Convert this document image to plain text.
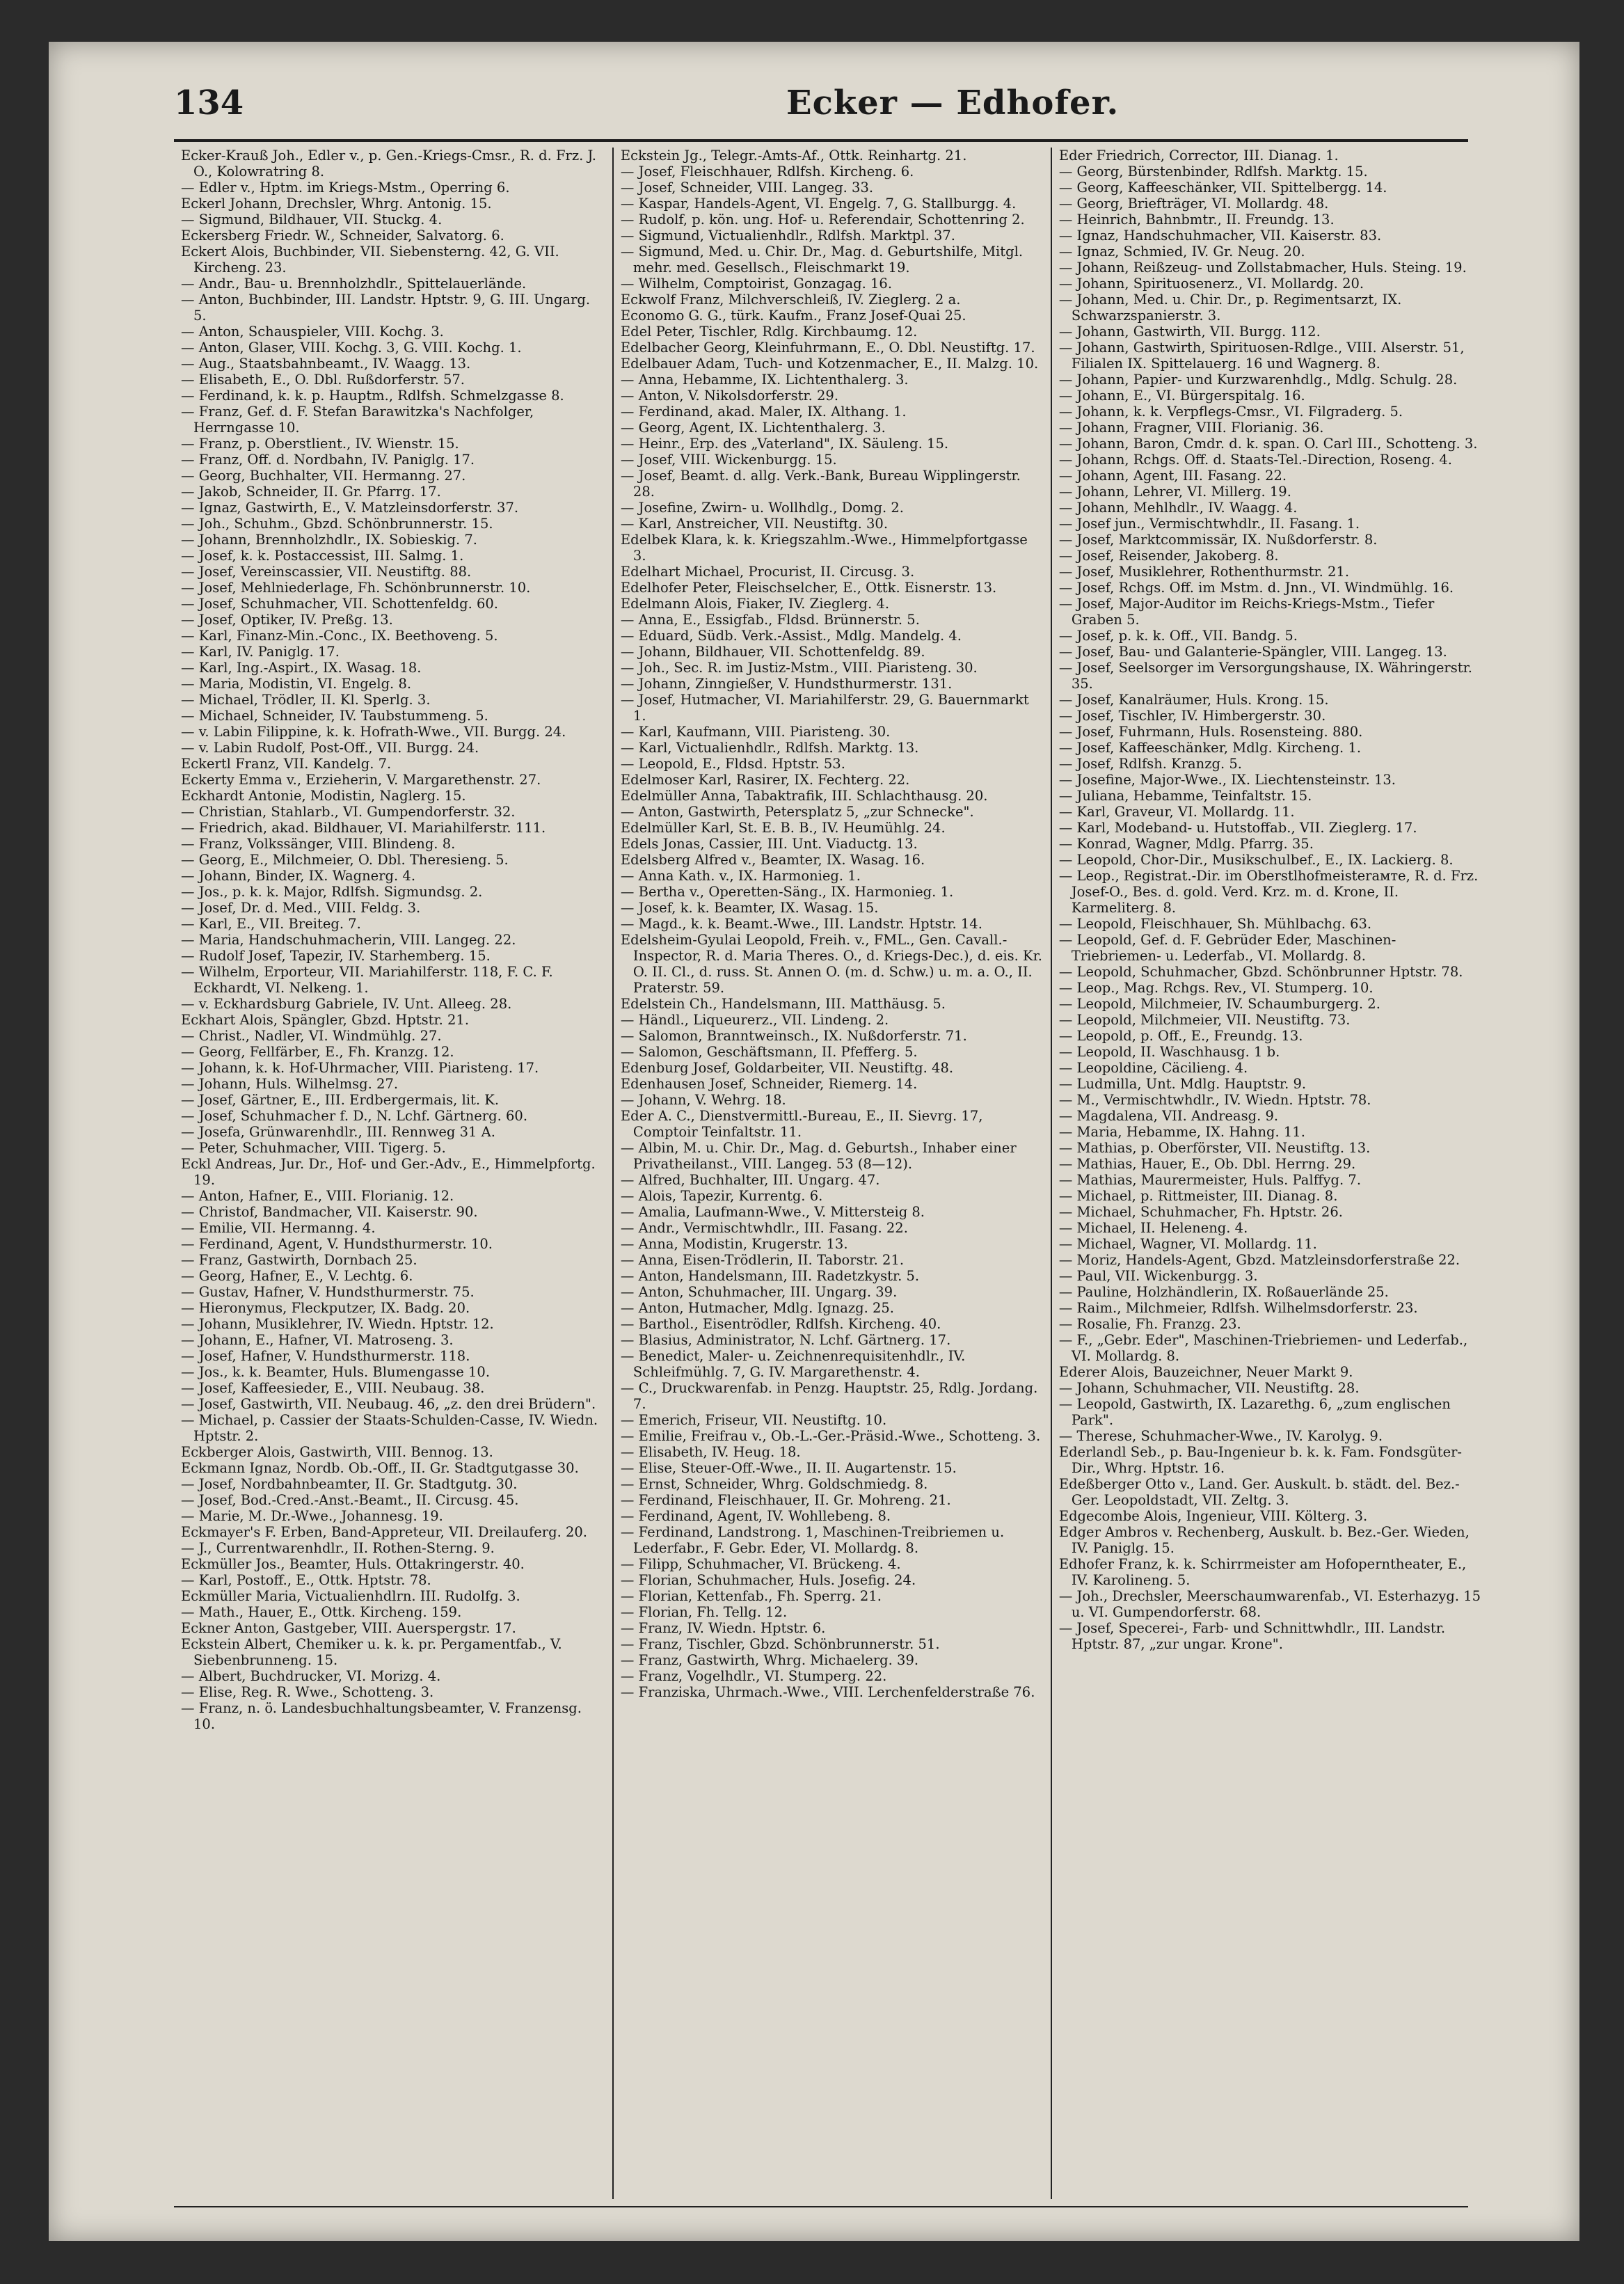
134	Ecker — Edhofer.

Ecker-Krauß Joh., Edler v., p. Gen.-Kriegs-Cmsr., R. d. Frz. J. O., Kolowratring 8.

— Edler v., Hptm. im Kriegs-Mstm., Operring 6.

Eckerl Johann, Drechsler, Whrg. Antonig. 15.

— Sigmund, Bildhauer, VII. Stuckg. 4.

Eckersberg Friedr. W., Schneider, Salvatorg. 6.

Eckert Alois, Buchbinder, VII. Siebensterng. 42, G. VII. Kircheng. 23.

— Andr., Bau- u. Brennholzhdlr., Spittelauerlände.

— Anton, Buchbinder, III. Landstr. Hptstr. 9, G. III. Ungarg. 5.

— Anton, Schauspieler, VIII. Kochg. 3.

— Anton, Glaser, VIII. Kochg. 3, G. VIII. Kochg. 1.

— Aug., Staatsbahnbeamt., IV. Waagg. 13.

— Elisabeth, E., O. Dbl. Rußdorferstr. 57.

— Ferdinand, k. k. p. Hauptm., Rdlfsh. Schmelzgasse 8.

— Franz, Gef. d. F. Stefan Barawitzka's Nachfolger, Herrngasse 10.

— Franz, p. Oberstlient., IV. Wienstr. 15.

— Franz, Off. d. Nordbahn, IV. Paniglg. 17.

— Georg, Buchhalter, VII. Hermanng. 27.

— Jakob, Schneider, II. Gr. Pfarrg. 17.

— Ignaz, Gastwirth, E., V. Matzleinsdorferstr. 37.

— Joh., Schuhm., Gbzd. Schönbrunnerstr. 15.

— Johann, Brennholzhdlr., IX. Sobieskig. 7.

— Josef, k. k. Postaccessist, III. Salmg. 1.

— Josef, Vereinscassier, VII. Neustiftg. 88.

— Josef, Mehlniederlage, Fh. Schönbrunnerstr. 10.

— Josef, Schuhmacher, VII. Schottenfeldg. 60.

— Josef, Optiker, IV. Preßg. 13.

— Karl, Finanz-Min.-Conc., IX. Beethoveng. 5.

— Karl, IV. Paniglg. 17.

— Karl, Ing.-Aspirt., IX. Wasag. 18.

— Maria, Modistin, VI. Engelg. 8.

— Michael, Trödler, II. Kl. Sperlg. 3.

— Michael, Schneider, IV. Taubstummeng. 5.

— v. Labin Filippine, k. k. Hofrath-Wwe., VII. Burgg. 24.

— v. Labin Rudolf, Post-Off., VII. Burgg. 24.

Eckertl Franz, VII. Kandelg. 7.

Eckerty Emma v., Erzieherin, V. Margarethenstr. 27.

Eckhardt Antonie, Modistin, Naglerg. 15.

— Christian, Stahlarb., VI. Gumpendorferstr. 32.

— Friedrich, akad. Bildhauer, VI. Mariahilferstr. 111.

— Franz, Volkssänger, VIII. Blindeng. 8.

— Georg, E., Milchmeier, O. Dbl. Theresieng. 5.

— Johann, Binder, IX. Wagnerg. 4.

— Jos., p. k. k. Major, Rdlfsh. Sigmundsg. 2.

— Josef, Dr. d. Med., VIII. Feldg. 3.

— Karl, E., VII. Breiteg. 7.

— Maria, Handschuhmacherin, VIII. Langeg. 22.

— Rudolf Josef, Tapezir, IV. Starhemberg. 15.

— Wilhelm, Erporteur, VII. Mariahilferstr. 118, F. C. F. Eckhardt, VI. Nelkeng. 1.

— v. Eckhardsburg Gabriele, IV. Unt. Alleeg. 28.

Eckhart Alois, Spängler, Gbzd. Hptstr. 21.

— Christ., Nadler, VI. Windmühlg. 27.

— Georg, Fellfärber, E., Fh. Kranzg. 12.

— Johann, k. k. Hof-Uhrmacher, VIII. Piaristeng. 17.

— Johann, Huls. Wilhelmsg. 27.

— Josef, Gärtner, E., III. Erdbergermais, lit. K.

— Josef, Schuhmacher f. D., N. Lchf. Gärtnerg. 60.

— Josefa, Grünwarenhdlr., III. Rennweg 31 A.

— Peter, Schuhmacher, VIII. Tigerg. 5.

Eckl Andreas, Jur. Dr., Hof- und Ger.-Adv., E., Himmelpfortg. 19.

— Anton, Hafner, E., VIII. Florianig. 12.

— Christof, Bandmacher, VII. Kaiserstr. 90.

— Emilie, VII. Hermanng. 4.

— Ferdinand, Agent, V. Hundsthurmerstr. 10.

— Franz, Gastwirth, Dornbach 25.

— Georg, Hafner, E., V. Lechtg. 6.

— Gustav, Hafner, V. Hundsthurmerstr. 75.

— Hieronymus, Fleckputzer, IX. Badg. 20.

— Johann, Musiklehrer, IV. Wiedn. Hptstr. 12.

— Johann, E., Hafner, VI. Matroseng. 3.

— Josef, Hafner, V. Hundsthurmerstr. 118.

— Jos., k. k. Beamter, Huls. Blumengasse 10.

— Josef, Kaffeesieder, E., VIII. Neubaug. 38.

— Josef, Gastwirth, VII. Neubaug. 46, „z. den drei Brüdern".

— Michael, p. Cassier der Staats-Schulden-Casse, IV. Wiedn. Hptstr. 2.

Eckberger Alois, Gastwirth, VIII. Bennog. 13.

Eckmann Ignaz, Nordb. Ob.-Off., II. Gr. Stadtgutgasse 30.

— Josef, Nordbahnbeamter, II. Gr. Stadtgutg. 30.

— Josef, Bod.-Cred.-Anst.-Beamt., II. Circusg. 45.

— Marie, M. Dr.-Wwe., Johannesg. 19.

Eckmayer's F. Erben, Band-Appreteur, VII. Dreilauferg. 20.

— J., Currentwarenhdlr., II. Rothen-Sterng. 9.

Eckmüller Jos., Beamter, Huls. Ottakringerstr. 40.

— Karl, Postoff., E., Ottk. Hptstr. 78.

Eckmüller Maria, Victualienhdlrn. III. Rudolfg. 3.

— Math., Hauer, E., Ottk. Kircheng. 159.

Eckner Anton, Gastgeber, VIII. Auerspergstr. 17.

Eckstein Albert, Chemiker u. k. k. pr. Pergamentfab., V. Siebenbrunneng. 15.

— Albert, Buchdrucker, VI. Morizg. 4.

— Elise, Reg. R. Wwe., Schotteng. 3.

— Franz, n. ö. Landesbuchhaltungsbeamter, V. Franzensg. 10.

Eckstein Jg., Telegr.-Amts-Af., Ottk. Reinhartg. 21.

— Josef, Fleischhauer, Rdlfsh. Kircheng. 6.

— Josef, Schneider, VIII. Langeg. 33.

— Kaspar, Handels-Agent, VI. Engelg. 7, G. Stallburgg. 4.

— Rudolf, p. kön. ung. Hof- u. Referendair, Schottenring 2.

— Sigmund, Victualienhdlr., Rdlfsh. Marktpl. 37.

— Sigmund, Med. u. Chir. Dr., Mag. d. Geburtshilfe, Mitgl. mehr. med. Gesellsch., Fleischmarkt 19.

— Wilhelm, Comptoirist, Gonzagag. 16.

Eckwolf Franz, Milchverschleiß, IV. Zieglerg. 2 a.

Economo G. G., türk. Kaufm., Franz Josef-Quai 25.

Edel Peter, Tischler, Rdlg. Kirchbaumg. 12.

Edelbacher Georg, Kleinfuhrmann, E., O. Dbl. Neustiftg. 17.

Edelbauer Adam, Tuch- und Kotzenmacher, E., II. Malzg. 10.

— Anna, Hebamme, IX. Lichtenthalerg. 3.

— Anton, V. Nikolsdorferstr. 29.

— Ferdinand, akad. Maler, IX. Althang. 1.

— Georg, Agent, IX. Lichtenthalerg. 3.

— Heinr., Erp. des „Vaterland", IX. Säuleng. 15.

— Josef, VIII. Wickenburgg. 15.

— Josef, Beamt. d. allg. Verk.-Bank, Bureau Wipplingerstr. 28.

— Josefine, Zwirn- u. Wollhdlg., Domg. 2.

— Karl, Anstreicher, VII. Neustiftg. 30.

Edelbek Klara, k. k. Kriegszahlm.-Wwe., Himmelpfortgasse 3.

Edelhart Michael, Procurist, II. Circusg. 3.

Edelhofer Peter, Fleischselcher, E., Ottk. Eisnerstr. 13.

Edelmann Alois, Fiaker, IV. Zieglerg. 4.

— Anna, E., Essigfab., Fldsd. Brünnerstr. 5.

— Eduard, Südb. Verk.-Assist., Mdlg. Mandelg. 4.

— Johann, Bildhauer, VII. Schottenfeldg. 89.

— Joh., Sec. R. im Justiz-Mstm., VIII. Piaristeng. 30.

— Johann, Zinngießer, V. Hundsthurmerstr. 131.

— Josef, Hutmacher, VI. Mariahilferstr. 29, G. Bauernmarkt 1.

— Karl, Kaufmann, VIII. Piaristeng. 30.

— Karl, Victualienhdlr., Rdlfsh. Marktg. 13.

— Leopold, E., Fldsd. Hptstr. 53.

Edelmoser Karl, Rasirer, IX. Fechterg. 22.

Edelmüller Anna, Tabaktrafik, III. Schlachthausg. 20.

— Anton, Gastwirth, Petersplatz 5, „zur Schnecke".

Edelmüller Karl, St. E. B. B., IV. Heumühlg. 24.

Edels Jonas, Cassier, III. Unt. Viaductg. 13.

Edelsberg Alfred v., Beamter, IX. Wasag. 16.

— Anna Kath. v., IX. Harmonieg. 1.

— Bertha v., Operetten-Säng., IX. Harmonieg. 1.

— Josef, k. k. Beamter, IX. Wasag. 15.

— Magd., k. k. Beamt.-Wwe., III. Landstr. Hptstr. 14.

Edelsheim-Gyulai Leopold, Freih. v., FML., Gen. Cavall.-Inspector, R. d. Maria Theres. O., d. Kriegs-Dec.), d. eis. Kr. O. II. Cl., d. russ. St. Annen O. (m. d. Schw.) u. m. a. O., II. Praterstr. 59.

Edelstein Ch., Handelsmann, III. Matthäusg. 5.

— Händl., Liqueurerz., VII. Lindeng. 2.

— Salomon, Branntweinsch., IX. Nußdorferstr. 71.

— Salomon, Geschäftsmann, II. Pfefferg. 5.

Edenburg Josef, Goldarbeiter, VII. Neustiftg. 48.

Edenhausen Josef, Schneider, Riemerg. 14.

— Johann, V. Wehrg. 18.

Eder A. C., Dienstvermittl.-Bureau, E., II. Sievrg. 17, Comptoir Teinfaltstr. 11.

— Albin, M. u. Chir. Dr., Mag. d. Geburtsh., Inhaber einer Privatheilanst., VIII. Langeg. 53 (8—12).

— Alfred, Buchhalter, III. Ungarg. 47.

— Alois, Tapezir, Kurrentg. 6.

— Amalia, Laufmann-Wwe., V. Mittersteig 8.

— Andr., Vermischtwhdlr., III. Fasang. 22.

— Anna, Modistin, Krugerstr. 13.

— Anna, Eisen-Trödlerin, II. Taborstr. 21.

— Anton, Handelsmann, III. Radetzkystr. 5.

— Anton, Schuhmacher, III. Ungarg. 39.

— Anton, Hutmacher, Mdlg. Ignazg. 25.

— Barthol., Eisentrödler, Rdlfsh. Kircheng. 40.

— Blasius, Administrator, N. Lchf. Gärtnerg. 17.

— Benedict, Maler- u. Zeichnenrequisitenhdlr., IV. Schleifmühlg. 7, G. IV. Margarethenstr. 4.

— C., Druckwarenfab. in Penzg. Hauptstr. 25, Rdlg. Jordang. 7.

— Emerich, Friseur, VII. Neustiftg. 10.

— Emilie, Freifrau v., Ob.-L.-Ger.-Präsid.-Wwe., Schotteng. 3.

— Elisabeth, IV. Heug. 18.

— Elise, Steuer-Off.-Wwe., II. II. Augartenstr. 15.

— Ernst, Schneider, Whrg. Goldschmiedg. 8.

— Ferdinand, Fleischhauer, II. Gr. Mohreng. 21.

— Ferdinand, Agent, IV. Wohllebeng. 8.

— Ferdinand, Landstrong. 1, Maschinen-Treibriemen u. Lederfabr., F. Gebr. Eder, VI. Mollardg. 8.

— Filipp, Schuhmacher, VI. Brückeng. 4.

— Florian, Schuhmacher, Huls. Josefig. 24.

— Florian, Kettenfab., Fh. Sperrg. 21.

— Florian, Fh. Tellg. 12.

— Franz, IV. Wiedn. Hptstr. 6.

— Franz, Tischler, Gbzd. Schönbrunnerstr. 51.

— Franz, Gastwirth, Whrg. Michaelerg. 39.

— Franz, Vogelhdlr., VI. Stumperg. 22.

— Franziska, Uhrmach.-Wwe., VIII. Lerchenfelderstraße 76.

Eder Friedrich, Corrector, III. Dianag. 1.

— Georg, Bürstenbinder, Rdlfsh. Marktg. 15.

— Georg, Kaffeeschänker, VII. Spittelbergg. 14.

— Georg, Briefträger, VI. Mollardg. 48.

— Heinrich, Bahnbmtr., II. Freundg. 13.

— Ignaz, Handschuhmacher, VII. Kaiserstr. 83.

— Ignaz, Schmied, IV. Gr. Neug. 20.

— Johann, Reißzeug- und Zollstabmacher, Huls. Steing. 19.

— Johann, Spirituosenerz., VI. Mollardg. 20.

— Johann, Med. u. Chir. Dr., p. Regimentsarzt, IX. Schwarzspanierstr. 3.

— Johann, Gastwirth, VII. Burgg. 112.

— Johann, Gastwirth, Spirituosen-Rdlge., VIII. Alserstr. 51, Filialen IX. Spittelauerg. 16 und Wagnerg. 8.

— Johann, Papier- und Kurzwarenhdlg., Mdlg. Schulg. 28.

— Johann, E., VI. Bürgerspitalg. 16.

— Johann, k. k. Verpflegs-Cmsr., VI. Filgraderg. 5.

— Johann, Fragner, VIII. Florianig. 36.

— Johann, Baron, Cmdr. d. k. span. O. Carl III., Schotteng. 3.

— Johann, Rchgs. Off. d. Staats-Tel.-Direction, Roseng. 4.

— Johann, Agent, III. Fasang. 22.

— Johann, Lehrer, VI. Millerg. 19.

— Johann, Mehlhdlr., IV. Waagg. 4.

— Josef jun., Vermischtwhdlr., II. Fasang. 1.

— Josef, Marktcommissär, IX. Nußdorferstr. 8.

— Josef, Reisender, Jakoberg. 8.

— Josef, Musiklehrer, Rothenthurmstr. 21.

— Josef, Rchgs. Off. im Mstm. d. Jnn., VI. Windmühlg. 16.

— Josef, Major-Auditor im Reichs-Kriegs-Mstm., Tiefer Graben 5.

— Josef, p. k. k. Off., VII. Bandg. 5.

— Josef, Bau- und Galanterie-Spängler, VIII. Langeg. 13.

— Josef, Seelsorger im Versorgungshause, IX. Währingerstr. 35.

— Josef, Kanalräumer, Huls. Krong. 15.

— Josef, Tischler, IV. Himbergerstr. 30.

— Josef, Fuhrmann, Huls. Rosensteing. 880.

— Josef, Kaffeeschänker, Mdlg. Kircheng. 1.

— Josef, Rdlfsh. Kranzg. 5.

— Josefine, Major-Wwe., IX. Liechtensteinstr. 13.

— Juliana, Hebamme, Teinfaltstr. 15.

— Karl, Graveur, VI. Mollardg. 11.

— Karl, Modeband- u. Hutstoffab., VII. Zieglerg. 17.

— Konrad, Wagner, Mdlg. Pfarrg. 35.

— Leopold, Chor-Dir., Musikschulbef., E., IX. Lackierg. 8.

— Leop., Registrat.-Dir. im Oberstlhofmeisterамте, R. d. Frz. Josef-O., Bes. d. gold. Verd. Krz. m. d. Krone, II. Karmeliterg. 8.

— Leopold, Fleischhauer, Sh. Mühlbachg. 63.

— Leopold, Gef. d. F. Gebrüder Eder, Maschinen-Triebriemen- u. Lederfab., VI. Mollardg. 8.

— Leopold, Schuhmacher, Gbzd. Schönbrunner Hptstr. 78.

— Leop., Mag. Rchgs. Rev., VI. Stumperg. 10.

— Leopold, Milchmeier, IV. Schaumburgerg. 2.

— Leopold, Milchmeier, VII. Neustiftg. 73.

— Leopold, p. Off., E., Freundg. 13.

— Leopold, II. Waschhausg. 1 b.

— Leopoldine, Cäcilieng. 4.

— Ludmilla, Unt. Mdlg. Hauptstr. 9.

— M., Vermischtwhdlr., IV. Wiedn. Hptstr. 78.

— Magdalena, VII. Andreasg. 9.

— Maria, Hebamme, IX. Hahng. 11.

— Mathias, p. Oberförster, VII. Neustiftg. 13.

— Mathias, Hauer, E., Ob. Dbl. Herrng. 29.

— Mathias, Maurermeister, Huls. Palffyg. 7.

— Michael, p. Rittmeister, III. Dianag. 8.

— Michael, Schuhmacher, Fh. Hptstr. 26.

— Michael, II. Heleneng. 4.

— Michael, Wagner, VI. Mollardg. 11.

— Moriz, Handels-Agent, Gbzd. Matzleinsdorferstraße 22.

— Paul, VII. Wickenburgg. 3.

— Pauline, Holzhändlerin, IX. Roßauerlände 25.

— Raim., Milchmeier, Rdlfsh. Wilhelmsdorferstr. 23.

— Rosalie, Fh. Franzg. 23.

— F., „Gebr. Eder", Maschinen-Triebriemen- und Lederfab., VI. Mollardg. 8.

Ederer Alois, Bauzeichner, Neuer Markt 9.

— Johann, Schuhmacher, VII. Neustiftg. 28.

— Leopold, Gastwirth, IX. Lazarethg. 6, „zum englischen Park".

— Therese, Schuhmacher-Wwe., IV. Karolyg. 9.

Ederlandl Seb., p. Bau-Ingenieur b. k. k. Fam. Fondsgüter-Dir., Whrg. Hptstr. 16.

Edeßberger Otto v., Land. Ger. Auskult. b. städt. del. Bez.-Ger. Leopoldstadt, VII. Zeltg. 3.

Edgecombe Alois, Ingenieur, VIII. Költerg. 3.

Edger Ambros v. Rechenberg, Auskult. b. Bez.-Ger. Wieden, IV. Paniglg. 15.

Edhofer Franz, k. k. Schirrmeister am Hofoperntheater, E., IV. Karolineng. 5.

— Joh., Drechsler, Meerschaumwarenfab., VI. Esterhazyg. 15 u. VI. Gumpendorferstr. 68.

— Josef, Specerei-, Farb- und Schnittwhdlr., III. Landstr. Hptstr. 87, „zur ungar. Krone".
